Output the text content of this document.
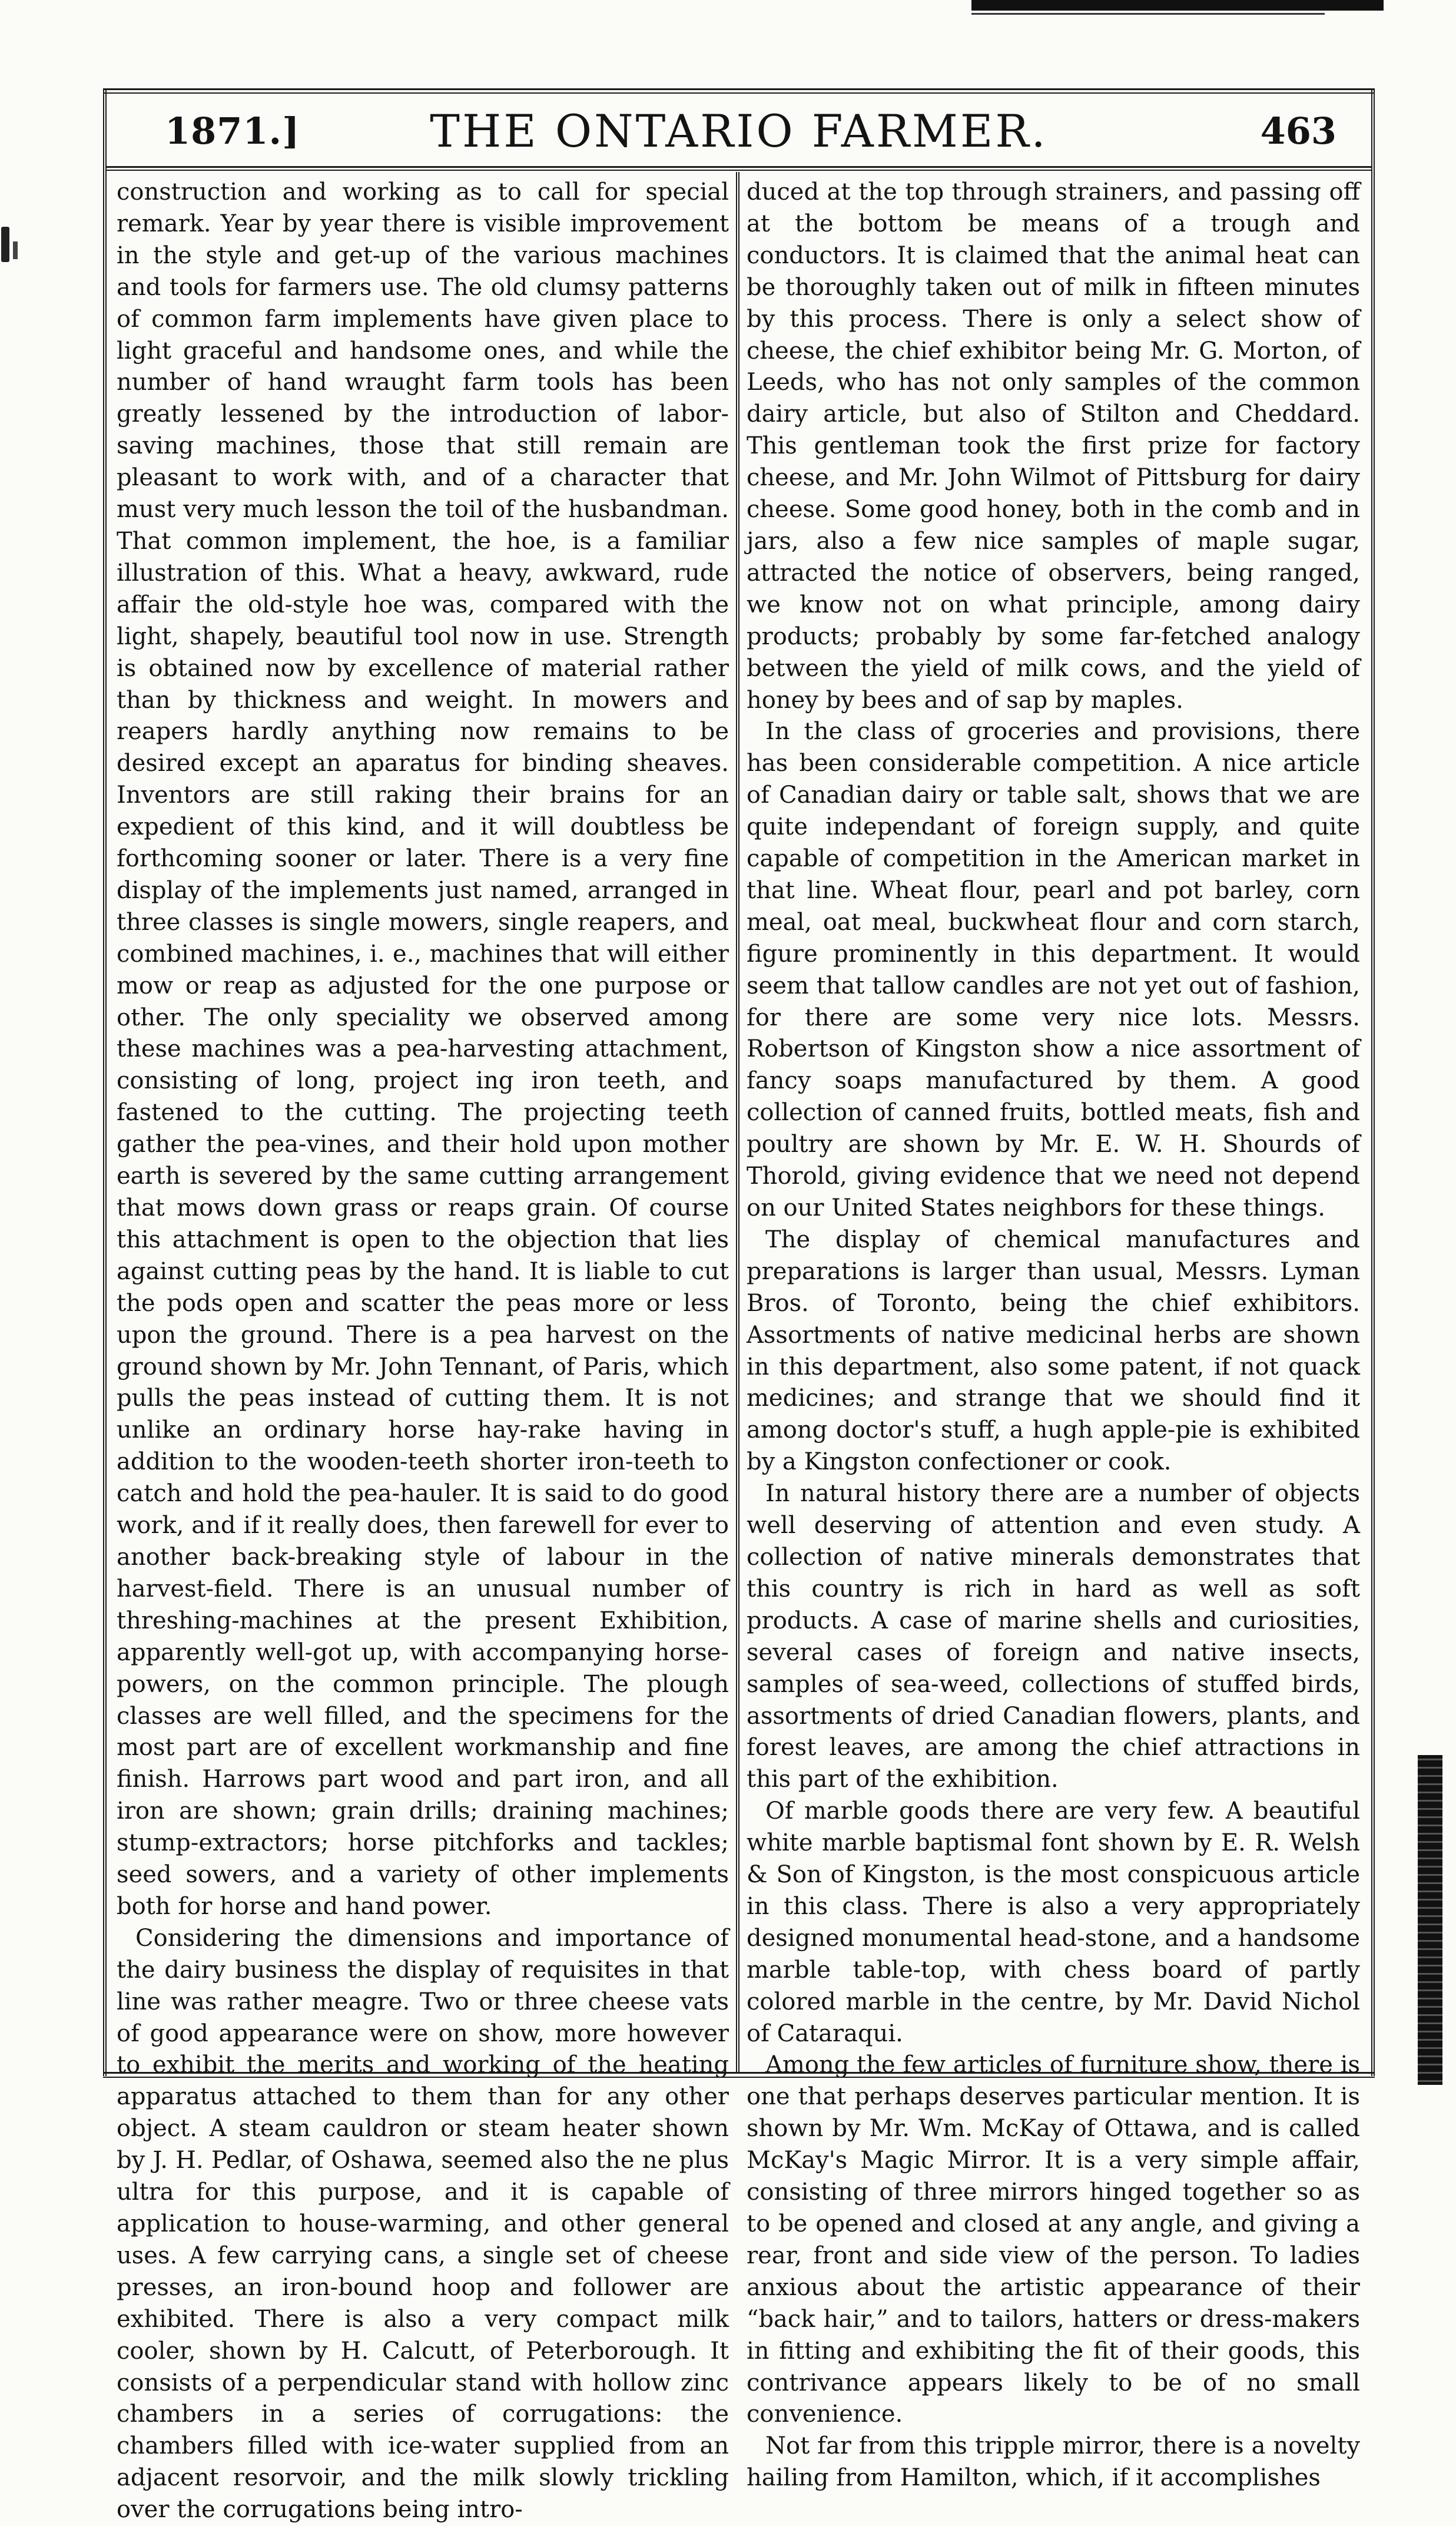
1871.]	THE ONTARIO FARMER.	463

construction and working as to call for special remark. Year by year there is visible improvement in the style and get-up of the various machines and tools for farmers use. The old clumsy patterns of common farm implements have given place to light graceful and handsome ones, and while the number of hand wraught farm tools has been greatly lessened by the introduction of labor-saving machines, those that still remain are pleasant to work with, and of a character that must very much lesson the toil of the husbandman. That common implement, the hoe, is a familiar illustration of this. What a heavy, awkward, rude affair the old-style hoe was, compared with the light, shapely, beautiful tool now in use. Strength is obtained now by excellence of material rather than by thickness and weight. In mowers and reapers hardly anything now remains to be desired except an aparatus for binding sheaves. Inventors are still raking their brains for an expedient of this kind, and it will doubtless be forthcoming sooner or later. There is a very fine display of the implements just named, arranged in three classes is single mowers, single reapers, and combined machines, i. e., machines that will either mow or reap as adjusted for the one purpose or other. The only speciality we observed among these machines was a pea-harvesting attachment, consisting of long, project ing iron teeth, and fastened to the cutting. The projecting teeth gather the pea-vines, and their hold upon mother earth is severed by the same cutting arrangement that mows down grass or reaps grain. Of course this attachment is open to the objection that lies against cutting peas by the hand. It is liable to cut the pods open and scatter the peas more or less upon the ground. There is a pea harvest on the ground shown by Mr. John Tennant, of Paris, which pulls the peas instead of cutting them. It is not unlike an ordinary horse hay-rake having in addition to the wooden-teeth shorter iron-teeth to catch and hold the pea-hauler. It is said to do good work, and if it really does, then farewell for ever to another back-breaking style of labour in the harvest-field. There is an unusual number of threshing-machines at the present Exhibition, apparently well-got up, with accompanying horse-powers, on the common principle. The plough classes are well filled, and the specimens for the most part are of excellent workmanship and fine finish. Harrows part wood and part iron, and all iron are shown; grain drills; draining machines; stump-extractors; horse pitchforks and tackles; seed sowers, and a variety of other implements both for horse and hand power.

Considering the dimensions and importance of the dairy business the display of requisites in that line was rather meagre. Two or three cheese vats of good appearance were on show, more however to exhibit the merits and working of the heating apparatus attached to them than for any other object. A steam cauldron or steam heater shown by J. H. Pedlar, of Oshawa, seemed also the ne plus ultra for this purpose, and it is capable of application to house-warming, and other general uses. A few carrying cans, a single set of cheese presses, an iron-bound hoop and follower are exhibited. There is also a very compact milk cooler, shown by H. Calcutt, of Peterborough. It consists of a perpendicular stand with hollow zinc chambers in a series of corrugations: the chambers filled with ice-water supplied from an adjacent resorvoir, and the milk slowly trickling over the corrugations being intro-

duced at the top through strainers, and passing off at the bottom be means of a trough and conductors. It is claimed that the animal heat can be thoroughly taken out of milk in fifteen minutes by this process. There is only a select show of cheese, the chief exhibitor being Mr. G. Morton, of Leeds, who has not only samples of the common dairy article, but also of Stilton and Cheddard. This gentleman took the first prize for factory cheese, and Mr. John Wilmot of Pittsburg for dairy cheese. Some good honey, both in the comb and in jars, also a few nice samples of maple sugar, attracted the notice of observers, being ranged, we know not on what principle, among dairy products; probably by some far-fetched analogy between the yield of milk cows, and the yield of honey by bees and of sap by maples.

In the class of groceries and provisions, there has been considerable competition. A nice article of Canadian dairy or table salt, shows that we are quite independant of foreign supply, and quite capable of competition in the American market in that line. Wheat flour, pearl and pot barley, corn meal, oat meal, buckwheat flour and corn starch, figure prominently in this department. It would seem that tallow candles are not yet out of fashion, for there are some very nice lots. Messrs. Robertson of Kingston show a nice assortment of fancy soaps manufactured by them. A good collection of canned fruits, bottled meats, fish and poultry are shown by Mr. E. W. H. Shourds of Thorold, giving evidence that we need not depend on our United States neighbors for these things.

The display of chemical manufactures and preparations is larger than usual, Messrs. Lyman Bros. of Toronto, being the chief exhibitors. Assortments of native medicinal herbs are shown in this department, also some patent, if not quack medicines; and strange that we should find it among doctor's stuff, a hugh apple-pie is exhibited by a Kingston confectioner or cook.

In natural history there are a number of objects well deserving of attention and even study. A collection of native minerals demonstrates that this country is rich in hard as well as soft products. A case of marine shells and curiosities, several cases of foreign and native insects, samples of sea-weed, collections of stuffed birds, assortments of dried Canadian flowers, plants, and forest leaves, are among the chief attractions in this part of the exhibition.

Of marble goods there are very few. A beautiful white marble baptismal font shown by E. R. Welsh & Son of Kingston, is the most conspicuous article in this class. There is also a very appropriately designed monumental head-stone, and a handsome marble table-top, with chess board of partly colored marble in the centre, by Mr. David Nichol of Cataraqui.

Among the few articles of furniture show, there is one that perhaps deserves particular mention. It is shown by Mr. Wm. McKay of Ottawa, and is called McKay's Magic Mirror. It is a very simple affair, consisting of three mirrors hinged together so as to be opened and closed at any angle, and giving a rear, front and side view of the person. To ladies anxious about the artistic appearance of their “back hair,” and to tailors, hatters or dress-makers in fitting and exhibiting the fit of their goods, this contrivance appears likely to be of no small convenience.

Not far from this tripple mirror, there is a novelty hailing from Hamilton, which, if it accomplishes
